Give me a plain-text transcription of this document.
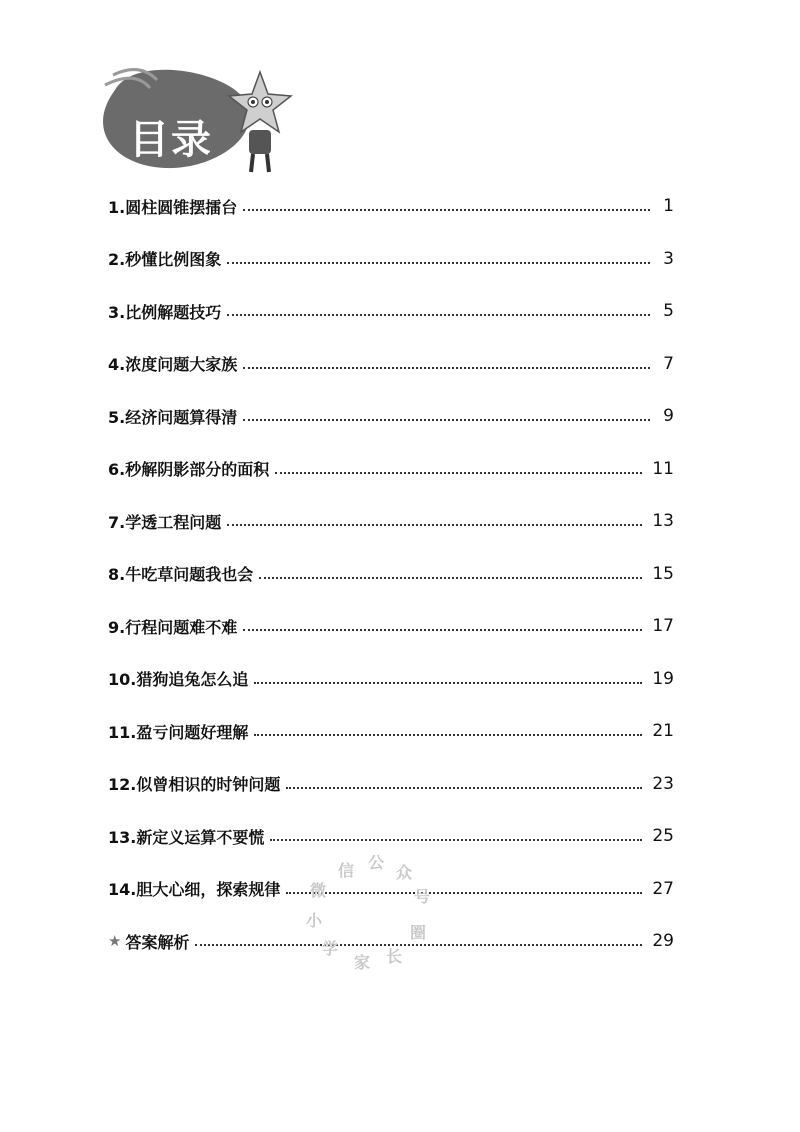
目录
1.圆柱圆锥摆擂台	1
2.秒懂比例图象	3
3.比例解题技巧	5
4.浓度问题大家族	7
5.经济问题算得清	9
6.秒解阴影部分的面积	11
7.学透工程问题	13
8.牛吃草问题我也会	15
9.行程问题难不难	17
10.猎狗追兔怎么追	19
11.盈亏问题好理解	21
12.似曾相识的时钟问题	23
13.新定义运算不要慌	25
14.胆大心细，探索规律	27
★ 答案解析	29
微
信 公
众
号
小
学
家 长
圈
